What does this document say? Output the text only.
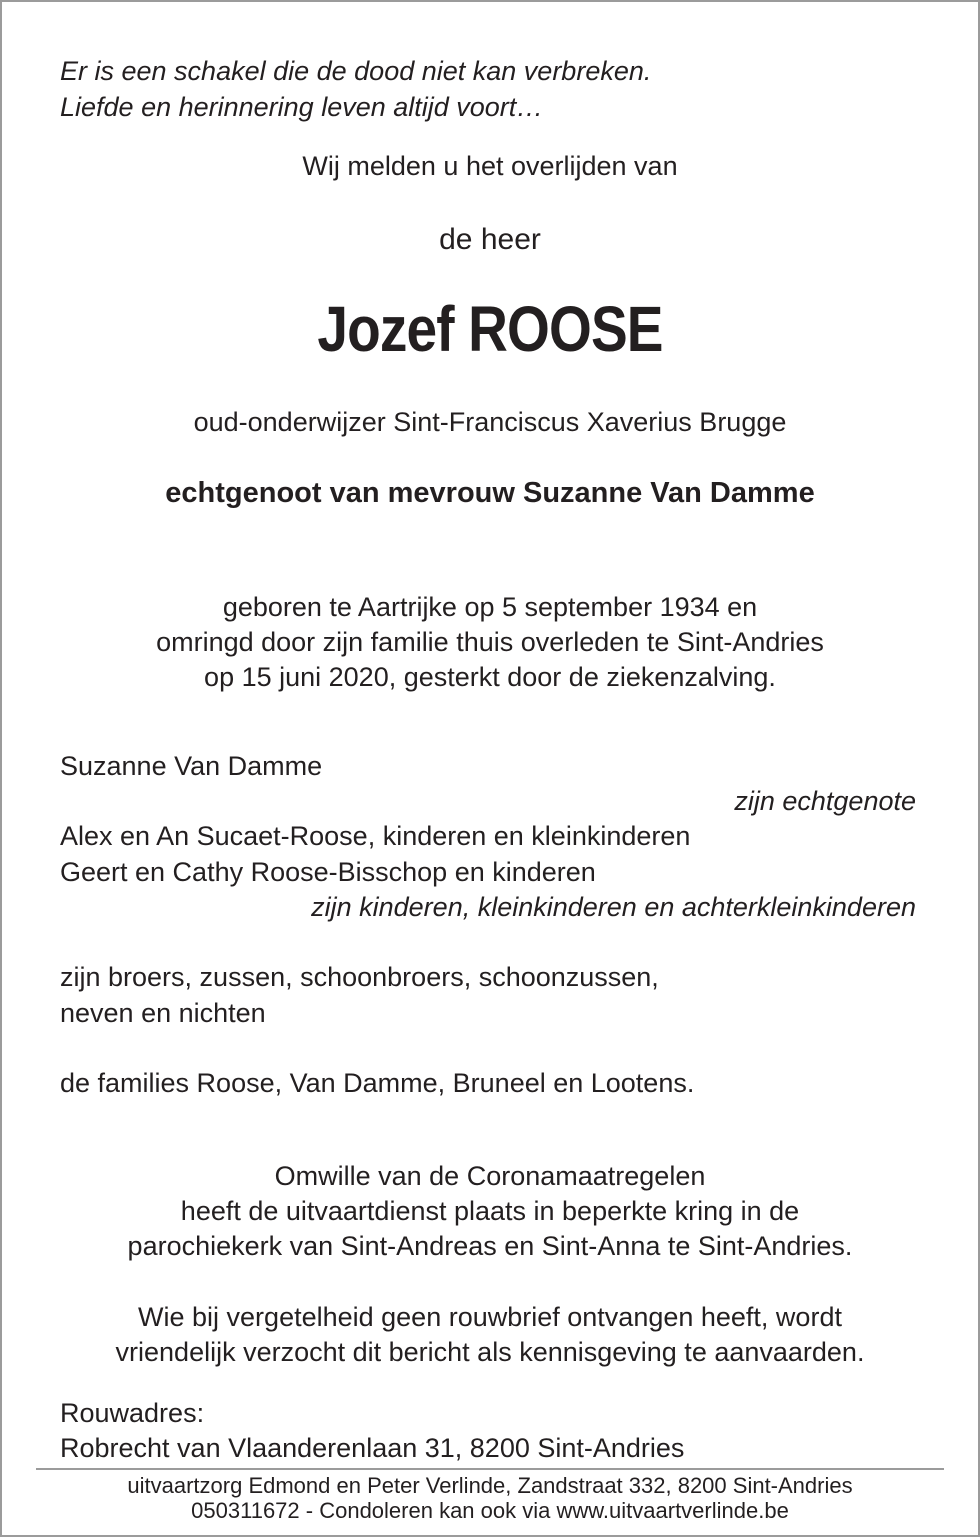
Er is een schakel die de dood niet kan verbreken.
Liefde en herinnering leven altijd voort…
Wij melden u het overlijden van
de heer
Jozef ROOSE
oud-onderwijzer Sint-Franciscus Xaverius Brugge
echtgenoot van mevrouw Suzanne Van Damme
geboren te Aartrijke op 5 september 1934 en
omringd door zijn familie thuis overleden te Sint-Andries
op 15 juni 2020, gesterkt door de ziekenzalving.
Suzanne Van Damme
zijn echtgenote
Alex en An Sucaet-Roose, kinderen en kleinkinderen
Geert en Cathy Roose-Bisschop en kinderen
zijn kinderen, kleinkinderen en achterkleinkinderen
zijn broers, zussen, schoonbroers, schoonzussen,
neven en nichten
de families Roose, Van Damme, Bruneel en Lootens.
Omwille van de Coronamaatregelen
heeft de uitvaartdienst plaats in beperkte kring in de
parochiekerk van Sint-Andreas en Sint-Anna te Sint-Andries.
Wie bij vergetelheid geen rouwbrief ontvangen heeft, wordt
vriendelijk verzocht dit bericht als kennisgeving te aanvaarden.
Rouwadres:
Robrecht van Vlaanderenlaan 31, 8200 Sint-Andries
uitvaartzorg Edmond en Peter Verlinde, Zandstraat 332, 8200 Sint-Andries
050311672 - Condoleren kan ook via www.uitvaartverlinde.be
